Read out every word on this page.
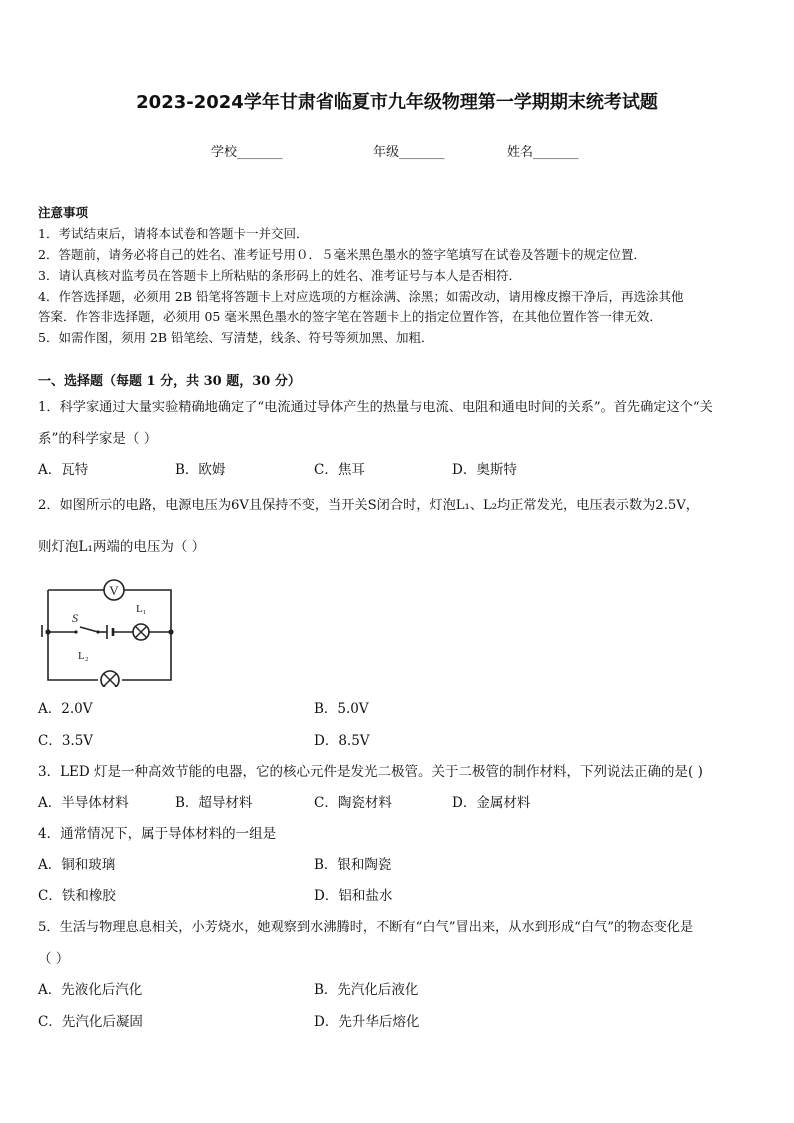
2023-2024学年甘肃省临夏市九年级物理第一学期期末统考试题
学校_______	年级_______	姓名_______
注意事项
1．考试结束后，请将本试卷和答题卡一并交回．
2．答题前，请务必将自己的姓名、准考证号用０．５毫米黑色墨水的签字笔填写在试卷及答题卡的规定位置．
3．请认真核对监考员在答题卡上所粘贴的条形码上的姓名、准考证号与本人是否相符．
4．作答选择题，必须用 2B 铅笔将答题卡上对应选项的方框涂满、涂黑；如需改动，请用橡皮擦干净后，再选涂其他
答案．作答非选择题，必须用 05 毫米黑色墨水的签字笔在答题卡上的指定位置作答，在其他位置作答一律无效．
5．如需作图，须用 2B 铅笔绘、写清楚，线条、符号等须加黑、加粗．
一、选择题（每题 1 分，共 30 题，30 分）
1．科学家通过大量实验精确地确定了“电流通过导体产生的热量与电流、电阻和通电时间的关系”。首先确定这个“关
系”的科学家是（ ）
A．瓦特	B．欧姆	C．焦耳	D．奥斯特
2．如图所示的电路，电源电压为6V且保持不变，当开关S闭合时，灯泡L₁、L₂均正常发光，电压表示数为2.5V，
则灯泡L₁两端的电压为（ ）
V
S
L₁
L₂
A．2.0V	B．5.0V
C．3.5V	D．8.5V
3．LED 灯是一种高效节能的电器，它的核心元件是发光二极管。关于二极管的制作材料，下列说法正确的是( )
A．半导体材料	B．超导材料	C．陶瓷材料	D．金属材料
4．通常情况下，属于导体材料的一组是
A．铜和玻璃	B．银和陶瓷
C．铁和橡胶	D．铝和盐水
5．生活与物理息息相关，小芳烧水，她观察到水沸腾时，不断有“白气”冒出来，从水到形成“白气”的物态变化是
（ ）
A．先液化后汽化	B．先汽化后液化
C．先汽化后凝固	D．先升华后熔化
